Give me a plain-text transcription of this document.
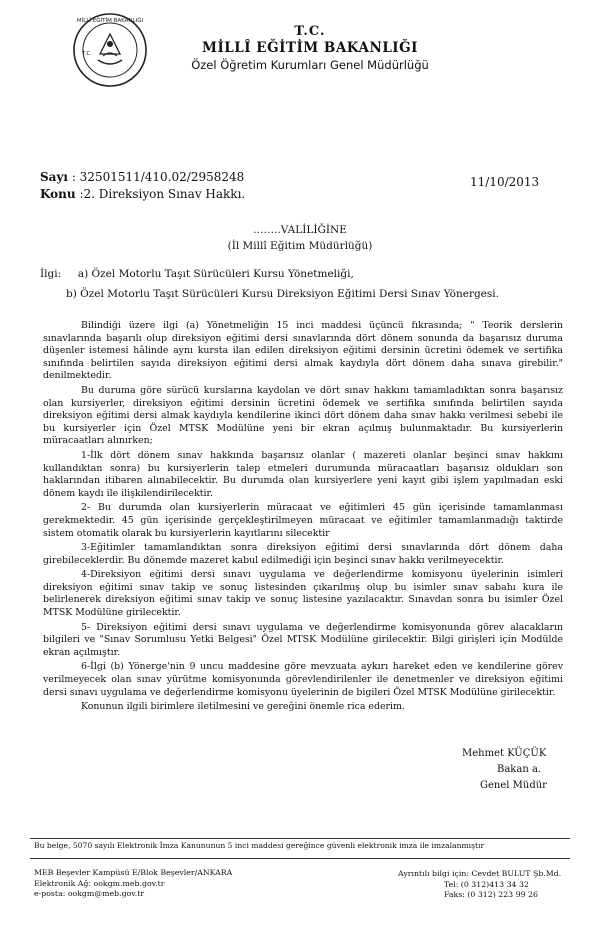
MİLLÎ EĞİTİM BAKANLIĞI
T.C.
T.C.
MİLLÎ EĞİTİM BAKANLIĞI
Özel Öğretim Kurumları Genel Müdürlüğü
Sayı : 32501511/410.02/2958248
Konu :2. Direksiyon Sınav Hakkı.
11/10/2013
……..VALİLİĞİNE
(İl Millî Eğitim Müdürlüğü)
İlgi: a) Özel Motorlu Taşıt Sürücüleri Kursu Yönetmeliği,
b) Özel Motorlu Taşıt Sürücüleri Kursu Direksiyon Eğitimi Dersi Sınav Yönergesi.

Bilindiği üzere ilgi (a) Yönetmeliğin 15 inci maddesi üçüncü fıkrasında; " Teorik derslerin sınavlarında başarılı olup direksiyon eğitimi dersi sınavlarında dört dönem sonunda da başarısız duruma düşenler istemesi hâlinde aynı kursta ilan edilen direksiyon eğitimi dersinin ücretini ödemek ve sertifika sınıfında belirtilen sayıda direksiyon eğitimi dersi almak kaydıyla dört dönem daha sınava girebilir." denilmektedir.

Bu duruma göre sürücü kurslarına kaydolan ve dört sınav hakkını tamamladıktan sonra başarısız olan kursiyerler, direksiyon eğitimi dersinin ücretini ödemek ve sertifika sınıfında belirtilen sayıda direksiyon eğitimi dersi almak kaydıyla kendilerine ikinci dört dönem daha sınav hakkı verilmesi sebebi ile bu kursiyerler için Özel MTSK Modülüne yeni bir ekran açılmış bulunmaktadır. Bu kursiyerlerin müracaatları alınırken;

1-İlk dört dönem sınav hakkında başarısız olanlar ( mazereti olanlar beşinci sınav hakkını kullandıktan sonra) bu kursiyerlerin talep etmeleri durumunda müracaatları başarısız oldukları son haklarından itibaren alınabilecektir. Bu durumda olan kursiyerlere yeni kayıt gibi işlem yapılmadan eski dönem kaydı ile ilişkilendirilecektir.

2- Bu durumda olan kursiyerlerin müracaat ve eğitimleri 45 gün içerisinde tamamlanması gerekmektedir. 45 gün içerisinde gerçekleştirilmeyen müracaat ve eğitimler tamamlanmadığı taktirde sistem otomatik olarak bu kursiyerlerin kayıtlarını silecektir

3-Eğitimler tamamlandıktan sonra direksiyon eğitimi dersi sınavlarında dört dönem daha girebileceklerdir. Bu dönemde mazeret kabul edilmediği için beşinci sınav hakkı verilmeyecektir.

4-Direksiyon eğitimi dersi sınavı uygulama ve değerlendirme komisyonu üyelerinin isimleri direksiyon eğitimi sınav takip ve sonuç listesinden çıkarılmış olup bu isimler sınav sabahı kura ile belirlenerek direksiyon eğitimi sınav takip ve sonuç listesine yazılacaktır. Sınavdan sonra bu isimler Özel MTSK Modülüne girilecektir.

5- Direksiyon eğitimi dersi sınavı uygulama ve değerlendirme komisyonunda görev alacakların bilgileri ve "Sınav Sorumlusu Yetki Belgesi" Özel MTSK Modülüne girilecektir. Bilgi girişleri için Modülde ekran açılmıştır.

6-İlgi (b) Yönerge'nin 9 uncu maddesine göre mevzuata aykırı hareket eden ve kendilerine görev verilmeyecek olan sınav yürütme komisyonunda görevlendirilenler ile denetmenler ve direksiyon eğitimi dersi sınavı uygulama ve değerlendirme komisyonu üyelerinin de bigileri Özel MTSK Modülüne girilecektir.

Konunun ilgili birimlere iletilmesini ve gereğini önemle rica ederim.

Mehmet KÜÇÜK
Bakan a.
Genel Müdür
Bu belge, 5070 sayılı Elektronik İmza Kanununun 5 inci maddesi gereğince güvenli elektronik imza ile imzalanmıştır
MEB Beşevler Kampüsü E/Blok Beşevler/ANKARA
Elektronik Ağ: ookgm.meb.gov.tr
e-posta: ookgm@meb.gov.tr
Ayrıntılı bilgi için: Cevdet BULUT Şb.Md.
Tel: (0 312)413 34 32
Faks: (0 312) 223 99 26
